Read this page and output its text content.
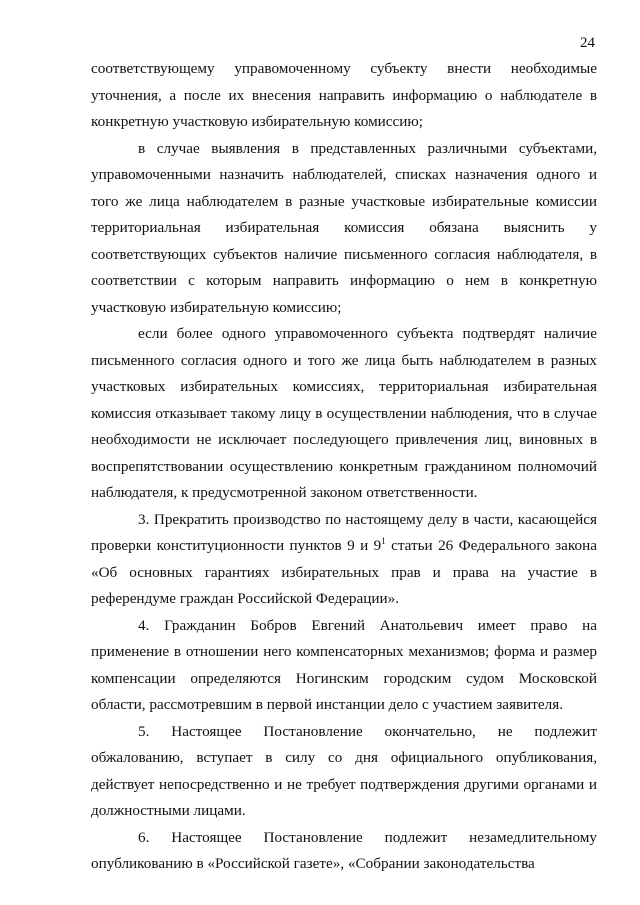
24

соответствующему управомоченному субъекту внести необходимые уточнения, а после их внесения направить информацию о наблюдателе в конкретную участковую избирательную комиссию;

в случае выявления в представленных различными субъектами, управомоченными назначить наблюдателей, списках назначения одного и того же лица наблюдателем в разные участковые избирательные комиссии территориальная избирательная комиссия обязана выяснить у соответствующих субъектов наличие письменного согласия наблюдателя, в соответствии с которым направить информацию о нем в конкретную участковую избирательную комиссию;

если более одного управомоченного субъекта подтвердят наличие письменного согласия одного и того же лица быть наблюдателем в разных участковых избирательных комиссиях, территориальная избирательная комиссия отказывает такому лицу в осуществлении наблюдения, что в случае необходимости не исключает последующего привлечения лиц, виновных в воспрепятствовании осуществлению конкретным гражданином полномочий наблюдателя, к предусмотренной законом ответственности.

3. Прекратить производство по настоящему делу в части, касающейся проверки конституционности пунктов 9 и $9^1$ статьи 26 Федерального закона «Об основных гарантиях избирательных прав и права на участие в референдуме граждан Российской Федерации».

4. Гражданин Бобров Евгений Анатольевич имеет право на применение в отношении него компенсаторных механизмов; форма и размер компенсации определяются Ногинским городским судом Московской области, рассмотревшим в первой инстанции дело с участием заявителя.

5. Настоящее Постановление окончательно, не подлежит обжалованию, вступает в силу со дня официального опубликования, действует непосредственно и не требует подтверждения другими органами и должностными лицами.

6. Настоящее Постановление подлежит незамедлительному опубликованию в «Российской газете», «Собрании законодательства
